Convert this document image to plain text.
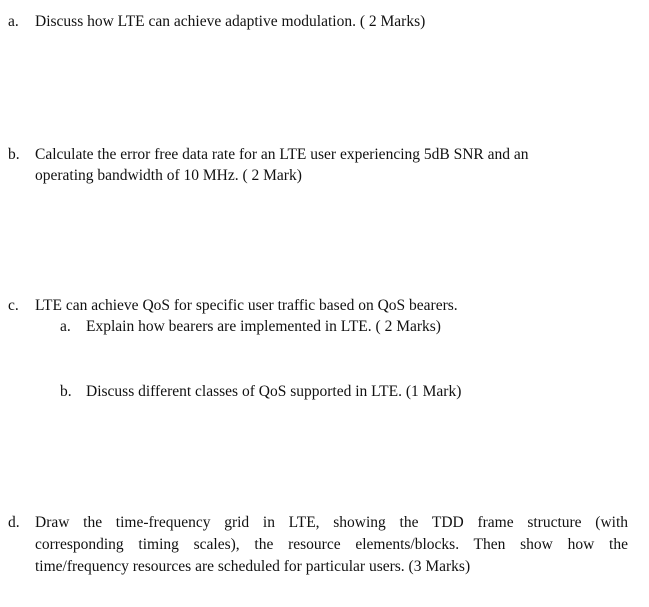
a. Discuss how LTE can achieve adaptive modulation. ( 2 Marks)
b. Calculate the error free data rate for an LTE user experiencing 5dB SNR and an
operating bandwidth of 10 MHz. ( 2 Mark)
c. LTE can achieve QoS for specific user traffic based on QoS bearers.
a. Explain how bearers are implemented in LTE. ( 2 Marks)
b. Discuss different classes of QoS supported in LTE. (1 Mark)
d. Draw the time-frequency grid in LTE, showing the TDD frame structure (with
corresponding timing scales), the resource elements/blocks. Then show how the
time/frequency resources are scheduled for particular users. (3 Marks)
